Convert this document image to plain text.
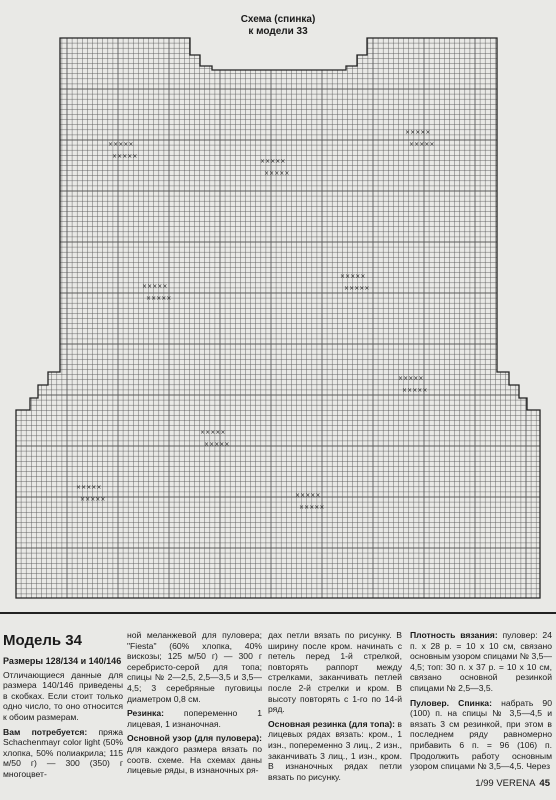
Схема (спинка)
к модели 33
× × × × ×
× × × × ×
× × × × ×
× × × × ×
× × × × ×
× × × × ×
× × × × ×
× × × × ×
× × × × ×
× × × × ×
× × × × ×
× × × × ×
× × × × ×
× × × × ×
× × × × ×
× × × × ×
× × × × ×
× × × × ×
Модель 34
Размеры 128/134 и 140/146

Отличающиеся данные для размера 140/146 приведены в скобках. Если стоит только одно число, то оно относится к обоим размерам.

Вам потребуется: пряжа Schachenmayr color light (50% хлопка, 50% полиакрила; 115 м/50 г) — 300 (350) г многоцвет-

ной меланжевой для пуловера; "Fiesta" (60% хлопка, 40% вискозы; 125 м/50 г) — 300 г серебристо-серой для топа; спицы № 2—2,5, 2,5—3,5 и 3,5—4,5; 3 серебряные пуговицы диаметром 0,8 см.

Резинка: попеременно 1 лицевая, 1 изнаночная.

Основной узор (для пуловера): для каждого размера вязать по соотв. схеме. На схемах даны лицевые ряды, в изнаночных ря-

дах петли вязать по рисунку. В ширину после кром. начинать с петель перед 1-й стрелкой, повторять раппорт между стрелками, заканчивать петлей после 2-й стрелки и кром. В высоту повторять с 1-го по 14-й ряд.

Основная резинка (для топа): в лицевых рядах вязать: кром., 1 изн., попеременно 3 лиц., 2 изн., заканчивать 3 лиц., 1 изн., кром. В изнаночных рядах петли вязать по рисунку.

Плотность вязания: пуловер: 24 п. x 28 р. = 10 x 10 см, связано основным узором спицами № 3,5—4,5; топ: 30 п. x 37 р. = 10 x 10 см, связано основной резинкой спицами № 2,5—3,5.

Пуловер. Спинка: набрать 90 (100) п. на спицы № 3,5—4,5 и вязать 3 см резинкой, при этом в последнем ряду равномерно прибавить 6 п. = 96 (106) п. Продолжить работу основным узором спицами № 3,5—4,5. Через

1/99 VERENA 45
